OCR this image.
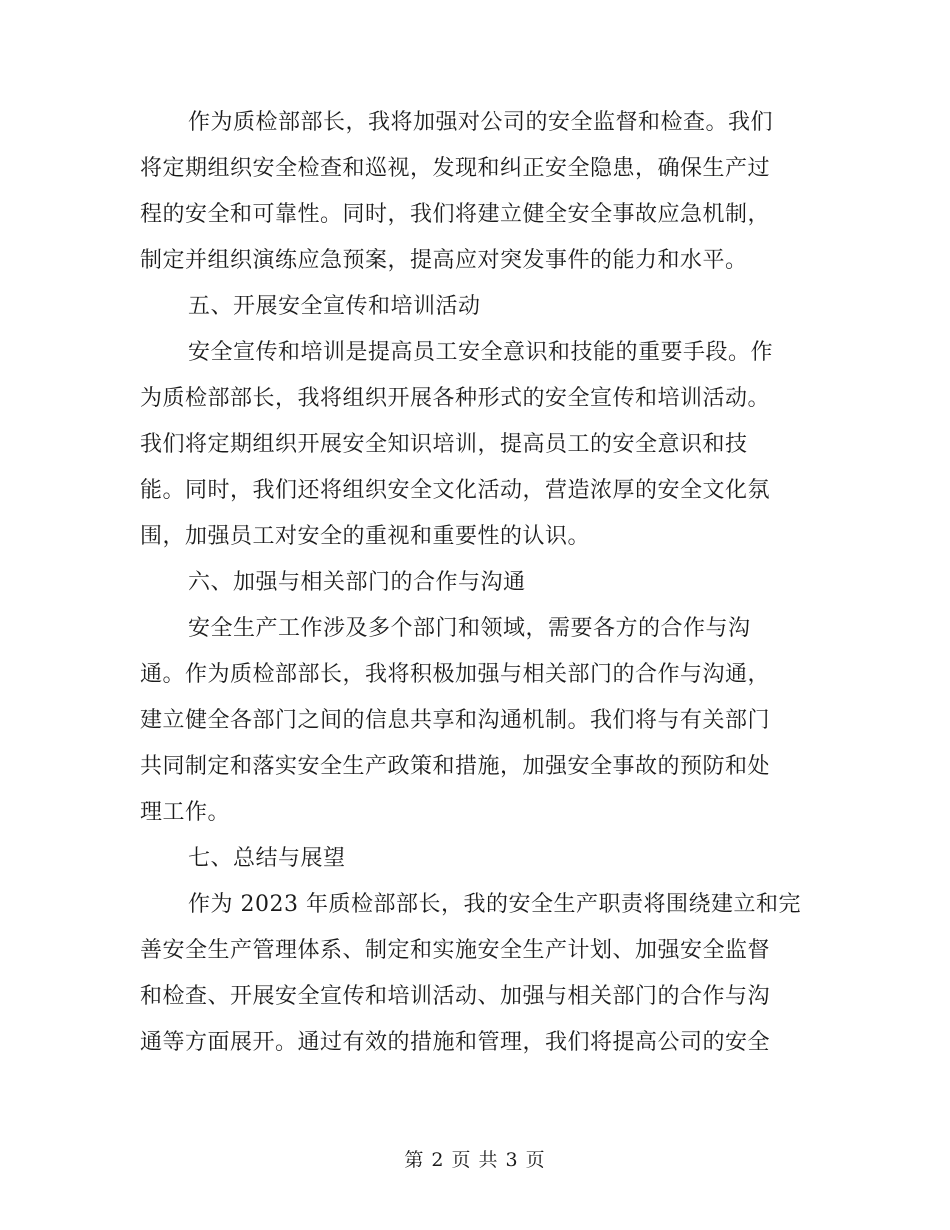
作为质检部部长，我将加强对公司的安全监督和检查。我们
将定期组织安全检查和巡视，发现和纠正安全隐患，确保生产过
程的安全和可靠性。同时，我们将建立健全安全事故应急机制，
制定并组织演练应急预案，提高应对突发事件的能力和水平。
五、开展安全宣传和培训活动
安全宣传和培训是提高员工安全意识和技能的重要手段。作
为质检部部长，我将组织开展各种形式的安全宣传和培训活动。
我们将定期组织开展安全知识培训，提高员工的安全意识和技
能。同时，我们还将组织安全文化活动，营造浓厚的安全文化氛
围，加强员工对安全的重视和重要性的认识。
六、加强与相关部门的合作与沟通
安全生产工作涉及多个部门和领域，需要各方的合作与沟
通。作为质检部部长，我将积极加强与相关部门的合作与沟通，
建立健全各部门之间的信息共享和沟通机制。我们将与有关部门
共同制定和落实安全生产政策和措施，加强安全事故的预防和处
理工作。
七、总结与展望
作为 2023 年质检部部长，我的安全生产职责将围绕建立和完
善安全生产管理体系、制定和实施安全生产计划、加强安全监督
和检查、开展安全宣传和培训活动、加强与相关部门的合作与沟
通等方面展开。通过有效的措施和管理，我们将提高公司的安全
第 2 页 共 3 页
